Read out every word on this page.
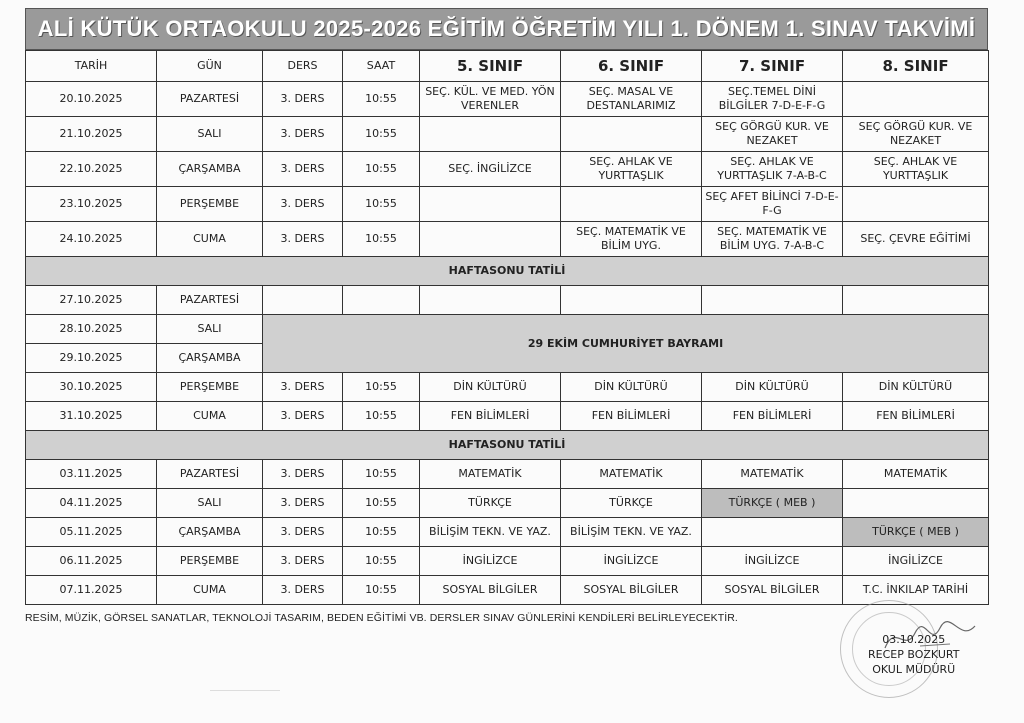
ALİ KÜTÜK ORTAOKULU 2025-2026 EĞİTİM ÖĞRETİM YILI 1. DÖNEM 1. SINAV TAKVİMİ
TARİH	GÜN	DERS	SAAT	5. SINIF	6. SINIF	7. SINIF	8. SINIF
20.10.2025	PAZARTESİ	3. DERS	10:55	SEÇ. KÜL. VE MED. YÖN VERENLER	SEÇ. MASAL VE DESTANLARIMIZ	SEÇ.TEMEL DİNİ BİLGİLER 7-D-E-F-G	
21.10.2025	SALI	3. DERS	10:55			SEÇ GÖRGÜ KUR. VE NEZAKET	SEÇ GÖRGÜ KUR. VE NEZAKET
22.10.2025	ÇARŞAMBA	3. DERS	10:55	SEÇ. İNGİLİZCE	SEÇ. AHLAK VE YURTTAŞLIK	SEÇ. AHLAK VE YURTTAŞLIK 7-A-B-C	SEÇ. AHLAK VE YURTTAŞLIK
23.10.2025	PERŞEMBE	3. DERS	10:55			SEÇ AFET BİLİNCİ 7-D-E-F-G	
24.10.2025	CUMA	3. DERS	10:55		SEÇ. MATEMATİK VE BİLİM UYG.	SEÇ. MATEMATİK VE BİLİM UYG. 7-A-B-C	SEÇ. ÇEVRE EĞİTİMİ
HAFTASONU TATİLİ							
27.10.2025	PAZARTESİ						
28.10.2025	SALI	29 EKİM CUMHURİYET BAYRAMI					
29.10.2025	ÇARŞAMBA						
30.10.2025	PERŞEMBE	3. DERS	10:55	DİN KÜLTÜRÜ	DİN KÜLTÜRÜ	DİN KÜLTÜRÜ	DİN KÜLTÜRÜ
31.10.2025	CUMA	3. DERS	10:55	FEN BİLİMLERİ	FEN BİLİMLERİ	FEN BİLİMLERİ	FEN BİLİMLERİ
HAFTASONU TATİLİ							
03.11.2025	PAZARTESİ	3. DERS	10:55	MATEMATİK	MATEMATİK	MATEMATİK	MATEMATİK
04.11.2025	SALI	3. DERS	10:55	TÜRKÇE	TÜRKÇE	TÜRKÇE ( MEB )	
05.11.2025	ÇARŞAMBA	3. DERS	10:55	BİLİŞİM TEKN. VE YAZ.	BİLİŞİM TEKN. VE YAZ.		TÜRKÇE ( MEB )
06.11.2025	PERŞEMBE	3. DERS	10:55	İNGİLİZCE	İNGİLİZCE	İNGİLİZCE	İNGİLİZCE
07.11.2025	CUMA	3. DERS	10:55	SOSYAL BİLGİLER	SOSYAL BİLGİLER	SOSYAL BİLGİLER	T.C. İNKILAP TARİHİ
RESİM, MÜZİK, GÖRSEL SANATLAR, TEKNOLOJİ TASARIM, BEDEN EĞİTİMİ VB. DERSLER SINAV GÜNLERİNİ KENDİLERİ BELİRLEYECEKTİR.
03.10.2025
RECEP BOZKURT
OKUL MÜDÜRÜ
